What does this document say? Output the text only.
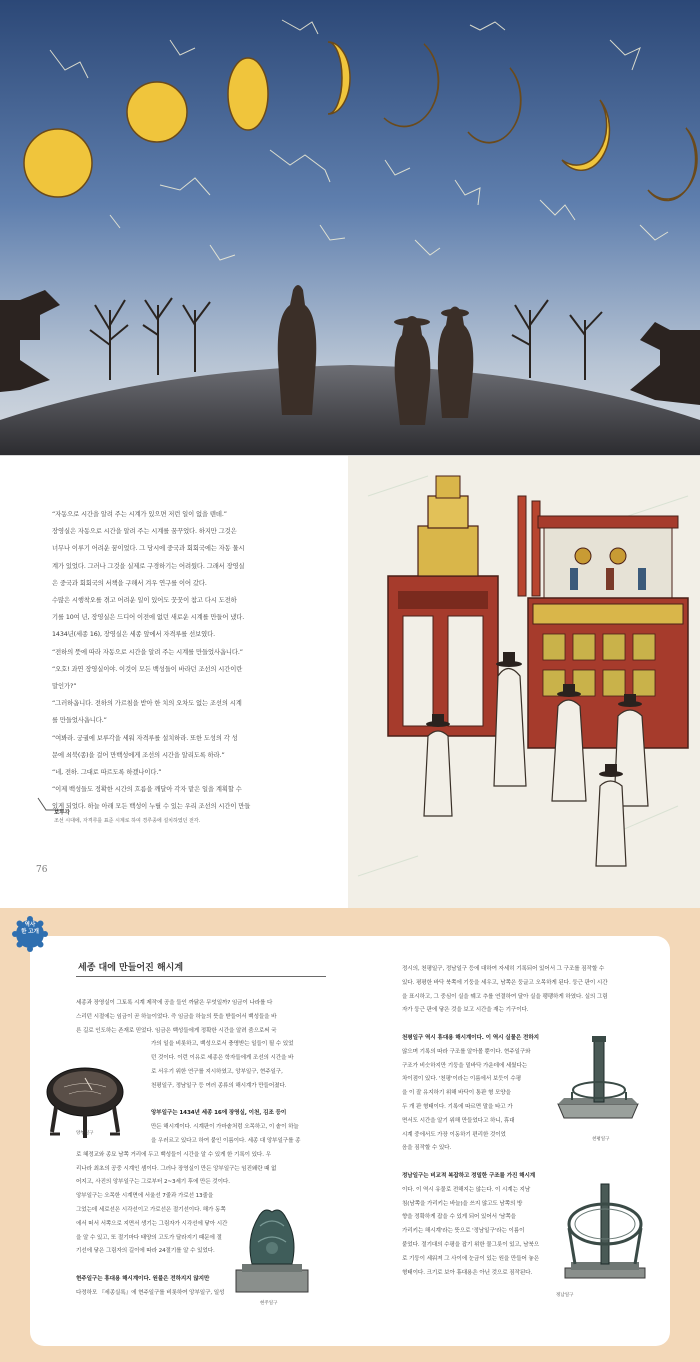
“자동으로 시간을 알려 주는 시계가 있으면 저런 일이 없을 텐데.”

장영실은 자동으로 시간을 알려 주는 시계를 꿈꾸었다. 하지만 그것은

너무나 이루기 어려운 꿈이었다. 그 당시에 중국과 회회국에는 자동 물시

계가 있었다. 그러나 그것을 실제로 구경하기는 어려웠다. 그래서 장영실

은 중국과 회회국의 서책을 구해서 겨우 연구를 이어 갔다.

수많은 시행착오를 겪고 어려운 일이 있어도 꿋꿋이 참고 다시 도전하

기를 10여 년, 장영실은 드디어 이전에 없던 새로운 시계를 만들어 냈다.

1434년(세종 16), 장영실은 세종 앞에서 자격루를 선보였다.

“전하의 뜻에 따라 자동으로 시간을 알려 주는 시계를 만들었사옵니다.”

“오호! 과연 장영실이야. 이것이 모든 백성들이 바라던 조선의 시간이란

말인가?”

“그러하옵니다. 전하의 가르침을 받아 한 치의 오차도 없는 조선의 시계

를 만들었사옵니다.”

“여봐라. 궁궐에 보루각을 세워 자격루를 설치하라. 또한 도성의 각 성

문에 쇠북(종)을 걸어 만백성에게 조선의 시간을 알리도록 하라.”

“네, 전하. 그대로 따르도록 하겠나이다.”

“이제 백성들도 정확한 시간의 흐름을 깨달아 각자 맡은 일을 계획할 수

있게 되었다. 하늘 아래 모든 백성이 누릴 수 있는 우리 조선의 시간이 만들

보루각
조선 시대에, 자격루를 표준 시계로 하여 경루종에 설치하였던 전각.
76
역사
한 고개
세종 대에 만들어진 해시계

세종과 장영실이 그토록 시계 제작에 공을 들인 까닭은 무엇일까? 임금이 나라를 다

스리던 시절에는 임금이 곧 하늘이었다. 즉 임금을 하늘의 뜻을 받들어서 백성들을 바

른 길로 인도하는 존재로 믿었다. 임금은 백성들에게 정확한 시간을 알려 줌으로써 국

가의 일을 비롯하고, 백성으로서 충명받는 일들이 될 수 있었

던 것이다. 이런 이유로 세종은 학자들에게 조선의 시간을 바

로 서우기 위한 연구를 지시하였고, 앙부일구, 현주일구,

천평일구, 정남일구 등 여러 종류의 해시계가 만들어졌다.

앙부일구는 1434년 세종 16에 장영실, 이천, 김조 등이

만든 해시계이다. 시계판이 가마솥처럼 오목하고, 이 솥이 하늘

을 우러르고 있다고 하여 붙인 이름이다. 세종 대 앙부일구를 종

로 혜정교와 종묘 남쪽 거리에 두고 백성들이 시간을 알 수 있게 한 기록이 있다. 우

리나라 최초의 공중 시계인 셈이다. 그러나 장영실이 만든 앙부일구는 임진왜란 때 없

어지고, 사진의 앙부일구는 그로부터 2~3세기 후에 만든 것이다.

앙부일구는 오목한 시계면에 서울선 7줄과 가로선 13줄을

그었는데 세로선은 시각선이고 가로선은 절기선이다. 해가 동쪽

에서 떠서 서쪽으로 지면서 생기는 그림자가 시각선에 닿아 시간

을 알 수 있고, 또 절기마다 태양의 고도가 달라지기 때문에 절

기선에 닿은 그림자의 길이에 따라 24절기를 알 수 있었다.

현주일구는 휴대용 해시계이다. 원불은 전하지지 않지만

다정하모 『세종실록』에 현주일구를 비롯하여 앙부일구, 일성

정시의, 천평일구, 정남일구 등에 대하여 자세히 기록되어 있어서 그 구조를 짐작할 수

있다. 평평한 바닥 북쪽에 기둥을 세우고, 남쪽은 둥글고 오목하게 된다. 둥근 판이 시간

을 표시하고, 그 중심이 실을 꿰고 추를 연결하여 달아 실을 팽팽하게 하였다. 실의 그림

자가 둥근 판에 닿은 것을 보고 시간을 재는 기구이다.

천평일구 역시 휴대용 해시계이다. 이 역시 실물은 전하지

않으며 기록의 따라 구조를 알아볼 뿐이다. 현주일구와

구조가 비슷하지만 기둥을 밑바닥 가운데에 세웠다는

차이점이 있다. '천평'이라는 이름에서 보듯이 수평

을 이 잘 유지하기 위해 바닥이 통판 형 모양을

두 개 판 형태이다. 기록에 따르면 말을 타고 가

면서도 시간을 알기 위해 만들었다고 하니, 휴대

시계 중에서도 가장 이동하기 편리한 것이었

음을 짐작할 수 있다.

정남일구는 비교적 복잡하고 정밀한 구조를 가진 해시계

이다. 이 역시 유물로 전해지는 않는다. 이 시계는 지남

침(남쪽을 가리키는 바늘)을 쓰지 않고도 남쪽의 방

향을 정확하게 잡을 수 있게 되어 있어서 '남쪽을

가리키는 해시계'라는 뜻으로 '정남일구'라는 이름이

붙었다. 절기대의 수평을 잡기 위한 물그릇이 있고, 남북으

로 기둥이 세워져 그 사이에 눈금이 있는 원을 만들어 놓은

형태이다. 크기로 보아 휴대용은 아닌 것으로 짐작된다.

앙부일구
현주일구
천평일구
정남일구
